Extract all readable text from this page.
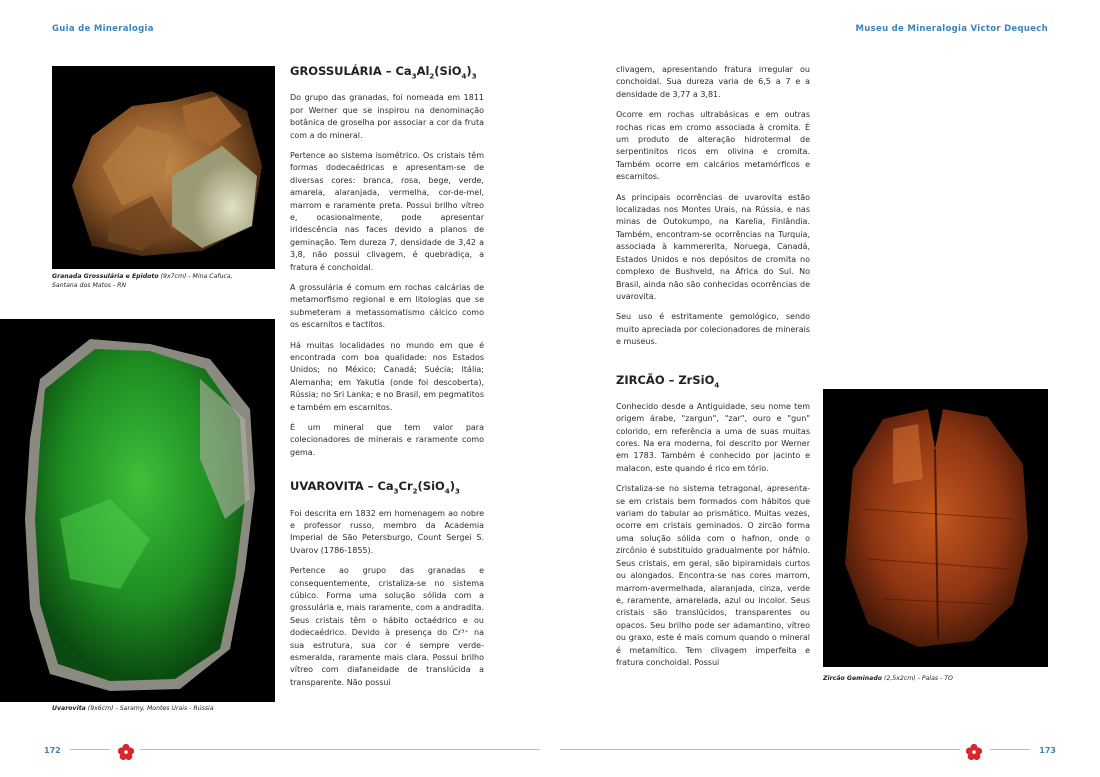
Guia de Mineralogia	Museu de Mineralogia Victor Dequech
Granada Grossulária e Epidoto (9x7cm) - Mina Cafuca, Santana dos Matos - RN
Uvarovita (9x6cm) - Saramy, Montes Urais - Rússia
Zircão Geminado (2,5x2cm) - Palas - TO
GROSSULÁRIA – $Ca_3Al_2(SiO_4)_3$

Do grupo das granadas, foi nomeada em 1811 por Werner que se inspirou na denominação botânica de groselha por associar a cor da fruta com a do mineral.

Pertence ao sistema isométrico. Os cristais têm formas dodecaédricas e apresentam-se de diversas cores: branca, rosa, bege, verde, amarela, alaranjada, vermelha, cor-de-mel, marrom e raramente preta. Possui brilho vítreo e, ocasionalmente, pode apresentar iridescência nas faces devido a planos de geminação. Tem dureza 7, densidade de 3,42 a 3,8, não possui clivagem, é quebradiça, a fratura é conchoidal.

A grossulária é comum em rochas calcárias de metamorfismo regional e em litologias que se submeteram a metassomatismo cálcico como os escarnitos e tactitos.

Há muitas localidades no mundo em que é encontrada com boa qualidade: nos Estados Unidos; no México; Canadá; Suécia; Itália; Alemanha; em Yakutia (onde foi descoberta), Rússia; no Sri Lanka; e no Brasil, em pegmatitos e também em escarnitos.

É um mineral que tem valor para colecionadores de minerais e raramente como gema.

UVAROVITA – $Ca_3Cr_2(SiO_4)_3$

Foi descrita em 1832 em homenagem ao nobre e professor russo, membro da Academia Imperial de São Petersburgo, Count Sergei S. Uvarov (1786-1855).

Pertence ao grupo das granadas e consequentemente, cristaliza-se no sistema cúbico. Forma uma solução sólida com a grossulária e, mais raramente, com a andradita. Seus cristais têm o hábito octaédrico e ou dodecaédrico. Devido à presença do Cr³⁺ na sua estrutura, sua cor é sempre verde-esmeralda, raramente mais clara. Possui brilho vítreo com diafaneidade de translúcida a transparente. Não possui

clivagem, apresentando fratura irregular ou conchoidal. Sua dureza varia de 6,5 a 7 e a densidade de 3,77 a 3,81.

Ocorre em rochas ultrabásicas e em outras rochas ricas em cromo associada à cromita. É um produto de alteração hidrotermal de serpentinitos ricos em olivina e cromita. Também ocorre em calcários metamórficos e escarnitos.

As principais ocorrências de uvarovita estão localizadas nos Montes Urais, na Rússia, e nas minas de Outokumpo, na Karelia, Finlândia. Também, encontram-se ocorrências na Turquia, associada à kammererita, Noruega, Canadá, Estados Unidos e nos depósitos de cromita no complexo de Bushveld, na África do Sul. No Brasil, ainda não são conhecidas ocorrências de uvarovita.

Seu uso é estritamente gemológico, sendo muito apreciada por colecionadores de minerais e museus.

ZIRCÃO – ZrSiO$_4$

Conhecido desde a Antiguidade, seu nome tem origem árabe, "zargun", "zar", ouro e "gun" colorido, em referência a uma de suas muitas cores. Na era moderna, foi descrito por Werner em 1783. Também é conhecido por jacinto e malacon, este quando é rico em tório.

Cristaliza-se no sistema tetragonal, apresenta-se em cristais bem formados com hábitos que variam do tabular ao prismático. Muitas vezes, ocorre em cristais geminados. O zircão forma uma solução sólida com o hafnon, onde o zircônio é substituído gradualmente por háfnio. Seus cristais, em geral, são bipiramidais curtos ou alongados. Encontra-se nas cores marrom, marrom-avermelhada, alaranjada, cinza, verde e, raramente, amarelada, azul ou incolor. Seus cristais são translúcidos, transparentes ou opacos. Seu brilho pode ser adamantino, vítreo ou graxo, este é mais comum quando o mineral é metamítico. Tem clivagem imperfeita e fratura conchoidal. Possui

172	173
